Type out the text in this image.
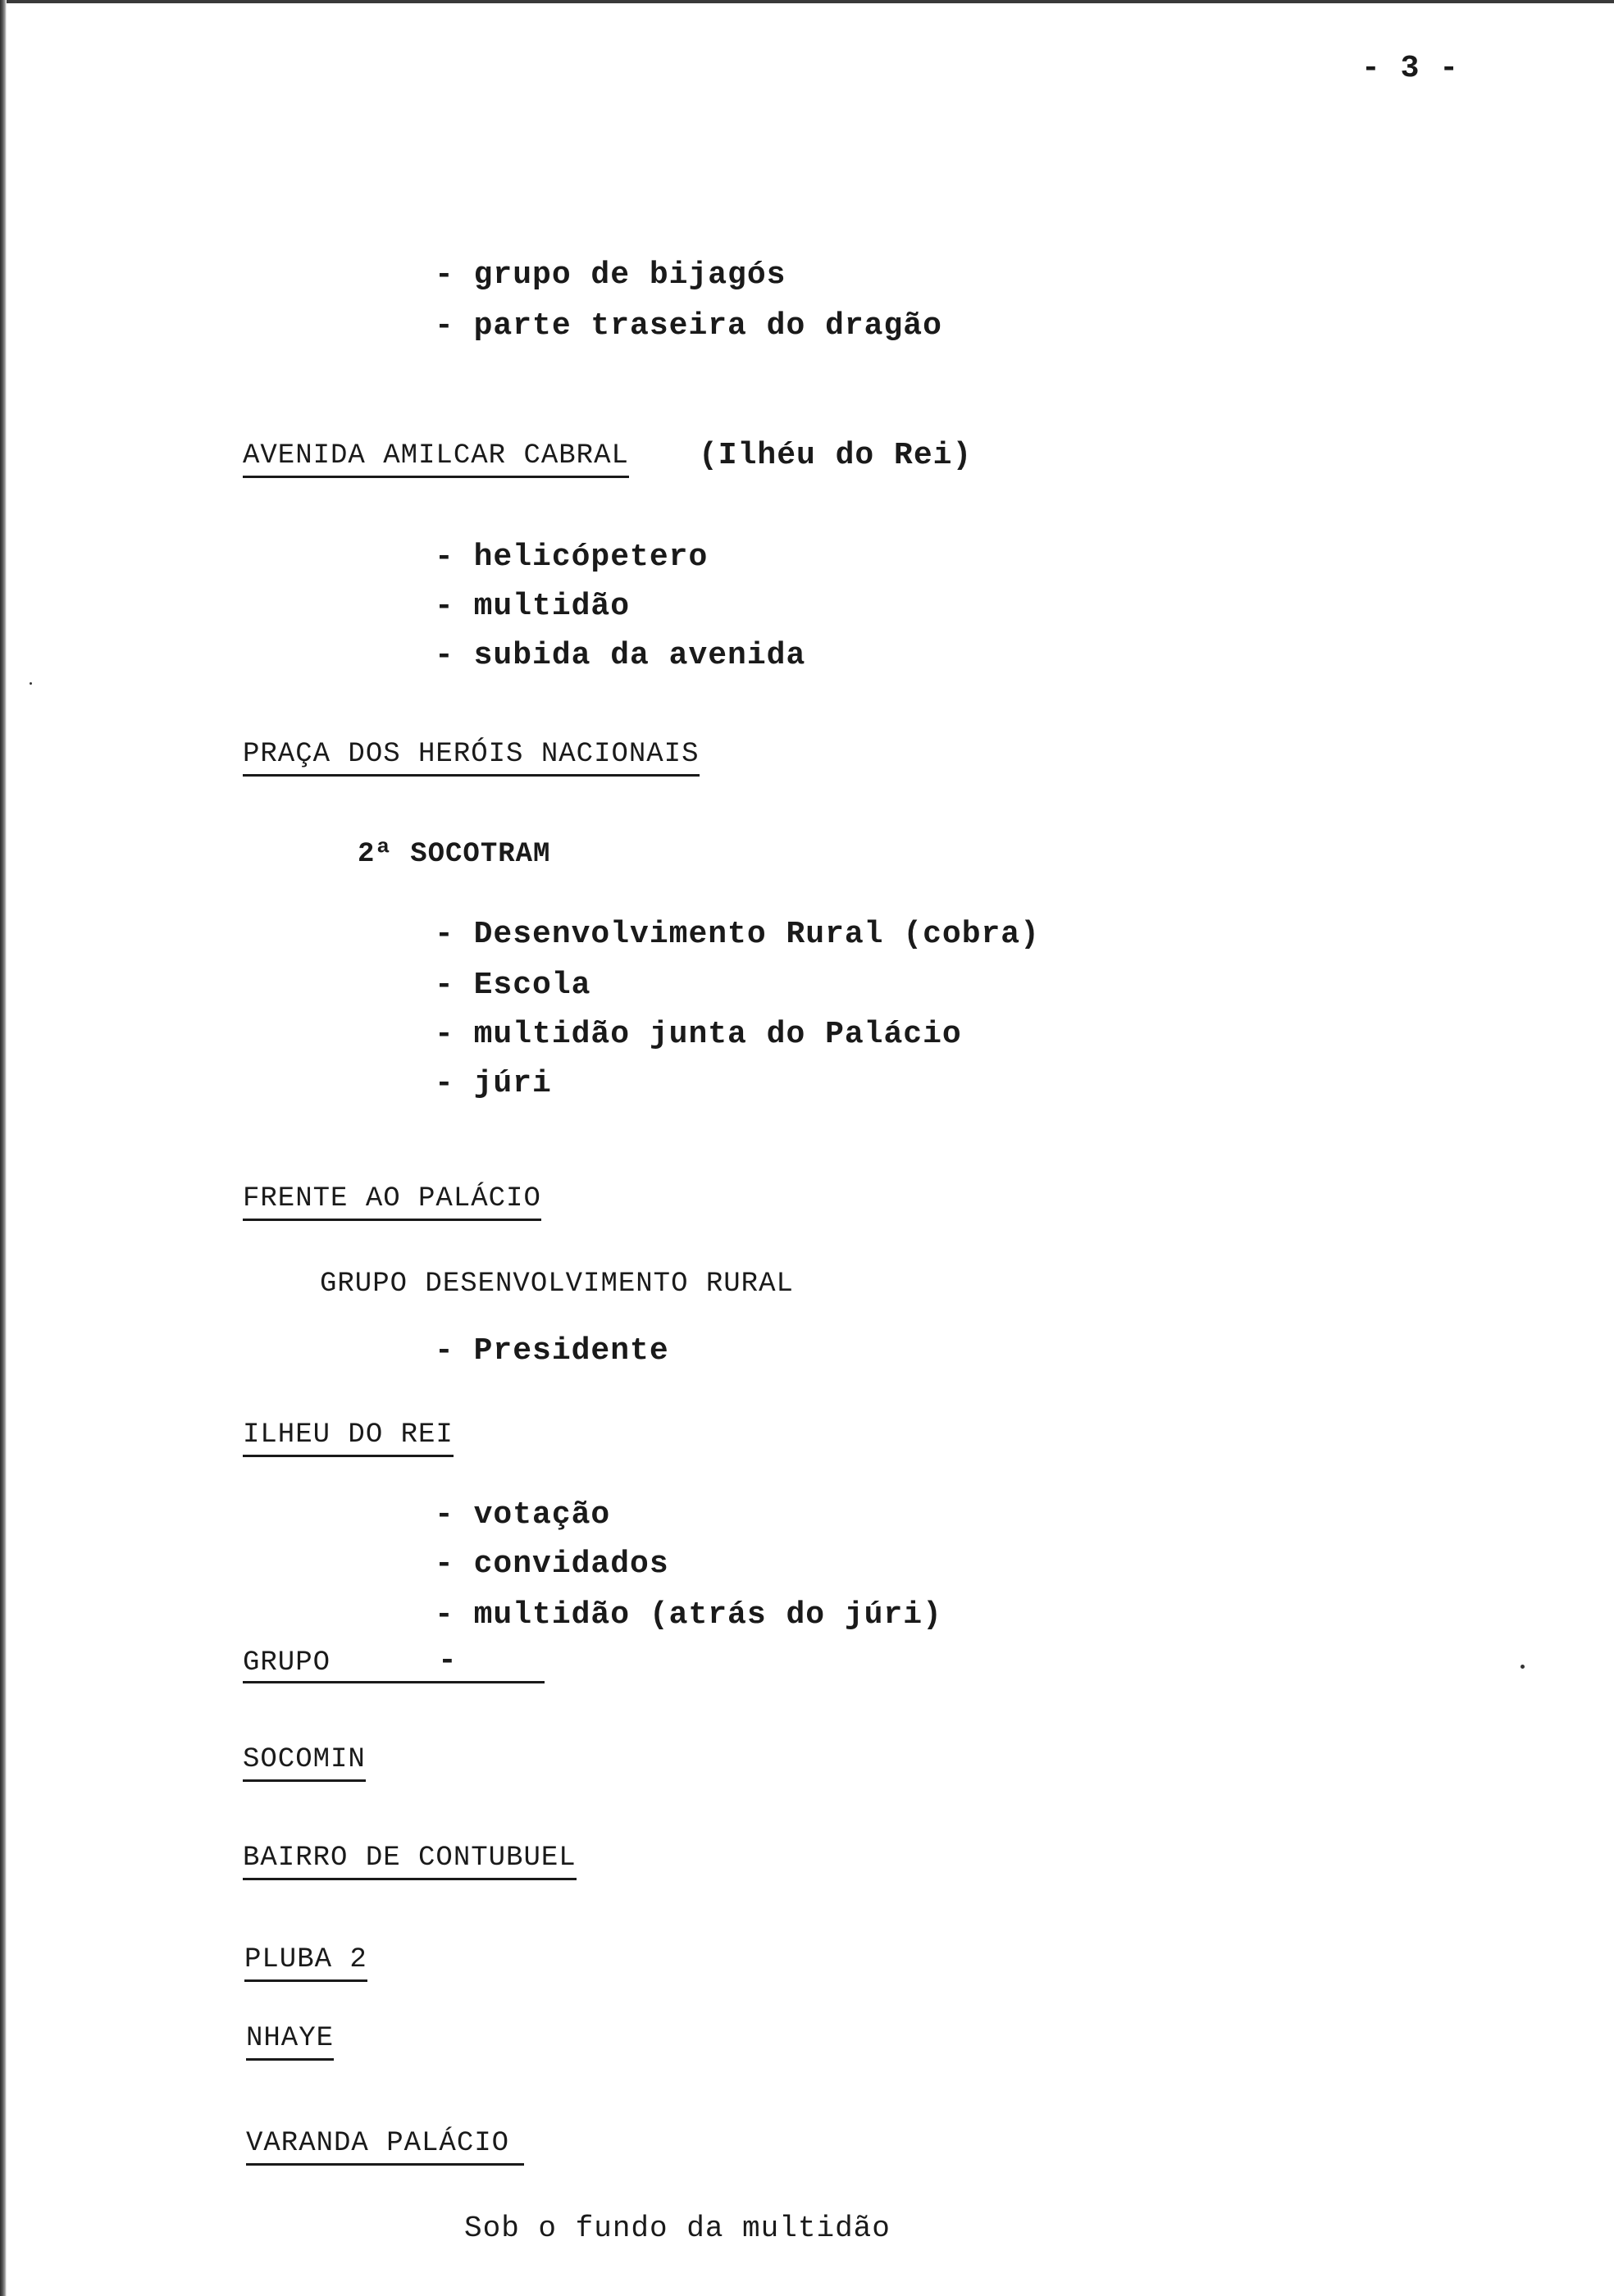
- 3 -
- grupo de bijagós
- parte traseira do dragão
AVENIDA AMILCAR CABRAL (Ilhéu do Rei)
- helicópetero
- multidão
- subida da avenida
PRAÇA DOS HERÓIS NACIONAIS
2ª SOCOTRAM
- Desenvolvimento Rural (cobra)
- Escola
- multidão junta do Palácio
- júri
FRENTE AO PALÁCIO
GRUPO DESENVOLVIMENTO RURAL
- Presidente
ILHEU DO REI
- votação
- convidados
- multidão (atrás do júri)
GRUPO	-
SOCOMIN
BAIRRO DE CONTUBUEL
PLUBA 2
NHAYE
VARANDA PALÁCIO
Sob o fundo da multidão
